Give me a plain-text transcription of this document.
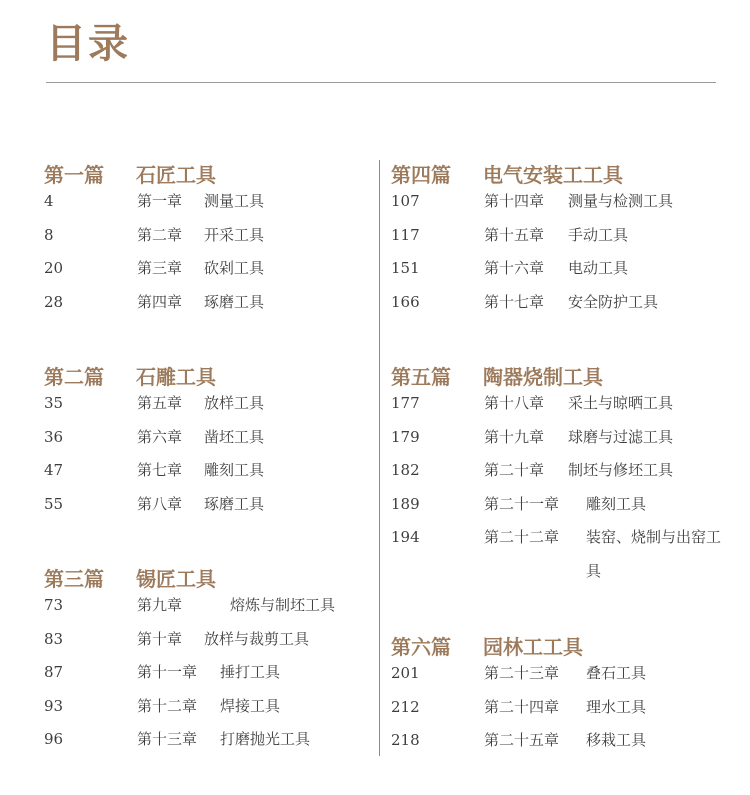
目录
第一篇 石匠工具
4	第一章 测量工具
8	第二章 开采工具
20	第三章 砍剁工具
28	第四章 琢磨工具
第二篇 石雕工具
35	第五章 放样工具
36	第六章 凿坯工具
47	第七章 雕刻工具
55	第八章 琢磨工具
第三篇 锡匠工具
73	第九章	熔炼与制坯工具
83	第十章 放样与裁剪工具
87	第十一章 捶打工具
93	第十二章 焊接工具
96	第十三章 打磨抛光工具
第四篇 电气安装工工具
107	第十四章 测量与检测工具
117	第十五章 手动工具
151	第十六章 电动工具
166	第十七章 安全防护工具
第五篇 陶器烧制工具
177	第十八章 采土与晾晒工具
179	第十九章 球磨与过滤工具
182	第二十章 制坯与修坯工具
189	第二十一章 雕刻工具
194	第二十二章 装窑、烧制与出窑工具
第六篇 园林工工具
201	第二十三章 叠石工具
212	第二十四章 理水工具
218	第二十五章 移栽工具
